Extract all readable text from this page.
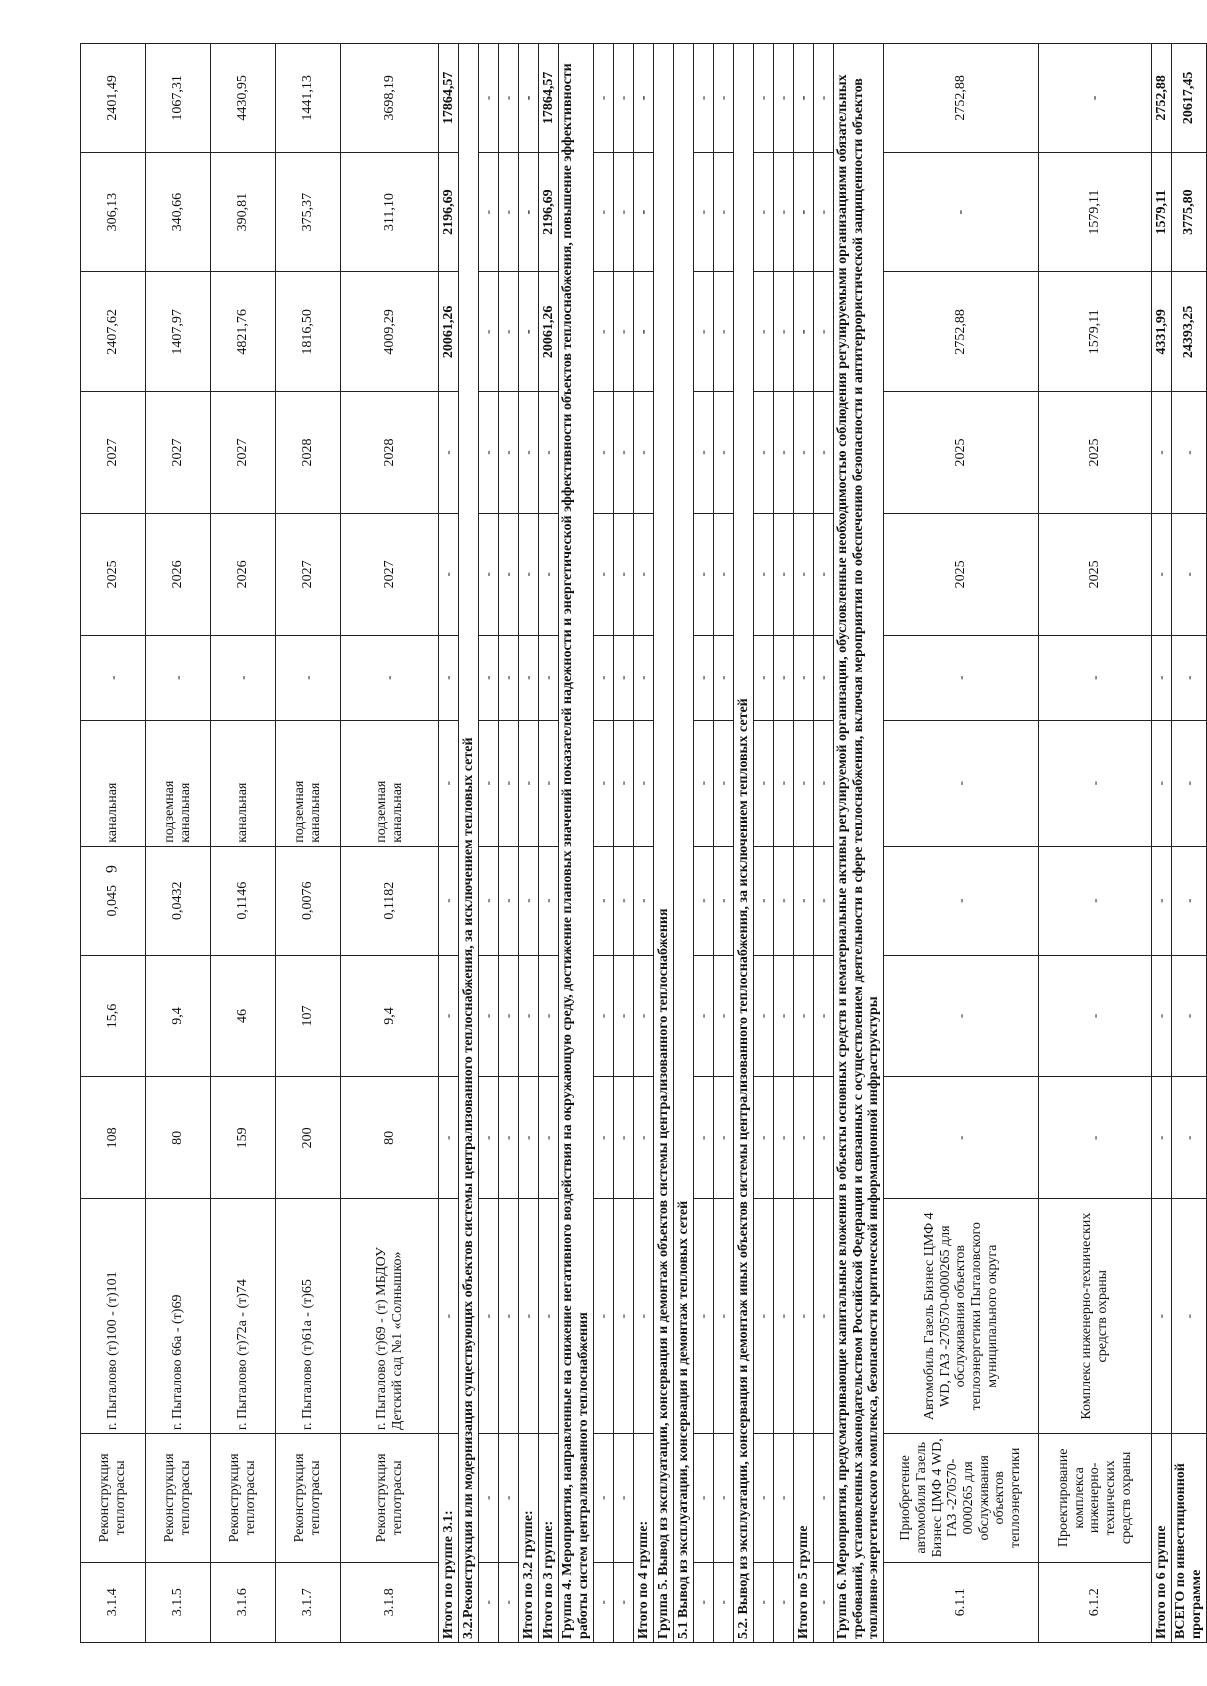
6
3.1.4	Реконструкция теплотрассы	г. Пыталово (т)100 - (т)101	108	15,6	0,045	канальная	-	2025	2027	2407,62	306,13	2401,49
3.1.5	Реконструкция теплотрассы	г. Пыталово 66а - (т)69	80	9,4	0,0432	подземная канальная	-	2026	2027	1407,97	340,66	1067,31
3.1.6	Реконструкция теплотрассы	г. Пыталово (т)72а - (т)74	159	46	0,1146	канальная	-	2026	2027	4821,76	390,81	4430,95
3.1.7	Реконструкция теплотрассы	г. Пыталово (т)61а - (т)65	200	107	0,0076	подземная канальная	-	2027	2028	1816,50	375,37	1441,13
3.1.8	Реконструкция теплотрассы	г. Пыталово (т)69 - (т) МБДОУ Детский сад №1 «Солнышко»	80	9,4	0,1182	подземная канальная	-	2027	2028	4009,29	311,10	3698,19
Итого по группе 3.1:		-	-	-	-	-	-	-	-	20061,26	2196,69	17864,57
3.2.Реконструкция или модернизация существующих объектов системы централизованного теплоснабжения, за исключением тепловых сетей												
-	-	-	-	-	-	-	-	-	-	-	-	-
-	-	-	-	-	-	-	-	-	-	-	-	-
Итого по 3.2 группе:		-	-	-	-	-	-	-	-	-	-	-
Итого по 3 группе:		-	-	-	-	-	-	-	-	20061,26	2196,69	17864,57
Группа 4. Мероприятия, направленные на снижение негативного воздействия на окружающую среду, достижение плановых значений показателей надежности и энергетической эффективности объектов теплоснабжения, повышение эффективности работы систем централизованного теплоснабжения												
-	-	-	-	-	-	-	-	-	-	-	-	-
-	-	-	-	-	-	-	-	-	-	-	-	-
Итого по 4 группе:		-	-	-	-	-	-	-	-	-	-	-
Группа 5. Вывод из эксплуатации, консервация и демонтаж объектов системы централизованного теплоснабжения												
5.1 Вывод из эксплуатации, консервация и демонтаж тепловых сетей												
-	-	-	-	-	-	-	-	-	-	-	-	-
-	-	-	-	-	-	-	-	-	-	-	-	-
5.2. Вывод из эксплуатации, консервация и демонтаж иных объектов системы централизованного теплоснабжения, за исключением тепловых сетей												
-	-	-	-	-	-	-	-	-	-	-	-	-
-	-	-	-	-	-	-	-	-	-	-	-	-
Итого по 5 группе		-	-	-	-	-	-	-	-	-	-	-
-	-	-	-	-	-	-	-	-	-	-	-	-
Группа 6. Мероприятия, предусматривающие капитальные вложения в объекты основных средств и нематериальные активы регулируемой организации, обусловленные необходимостью соблюдения регулируемыми организациями обязательных требований, установленных законодательством Российской Федерации и связанных с осуществлением деятельности в сфере теплоснабжения, включая мероприятия по обеспечению безопасности и антитеррористической защищенности объектов топливно-энергетического комплекса, безопасности критической информационной инфраструктуры												
6.1.1	Приобретение автомобиля Газель Бизнес ЦМФ 4 WD, ГАЗ -270570-0000265 для обслуживания объектов теплоэнергетики	Автомобиль Газель Бизнес ЦМФ 4 WD, ГАЗ -270570-0000265 для обслуживания объектов теплоэнергетики Пыталовского муниципального округа	-	-	-	-	-	2025	2025	2752,88	-	2752,88
6.1.2	Проектирование комплекса инженерно-технических средств охраны	Комплекс инженерно-технических средств охраны	-	-	-	-	-	2025	2025	1579,11	1579,11	-
Итого по 6 группе		-	-	-	-	-	-	-	-	4331,99	1579,11	2752,88
ВСЕГО по инвестиционной программе		-	-	-	-	-	-	-	-	24393,25	3775,80	20617,45
